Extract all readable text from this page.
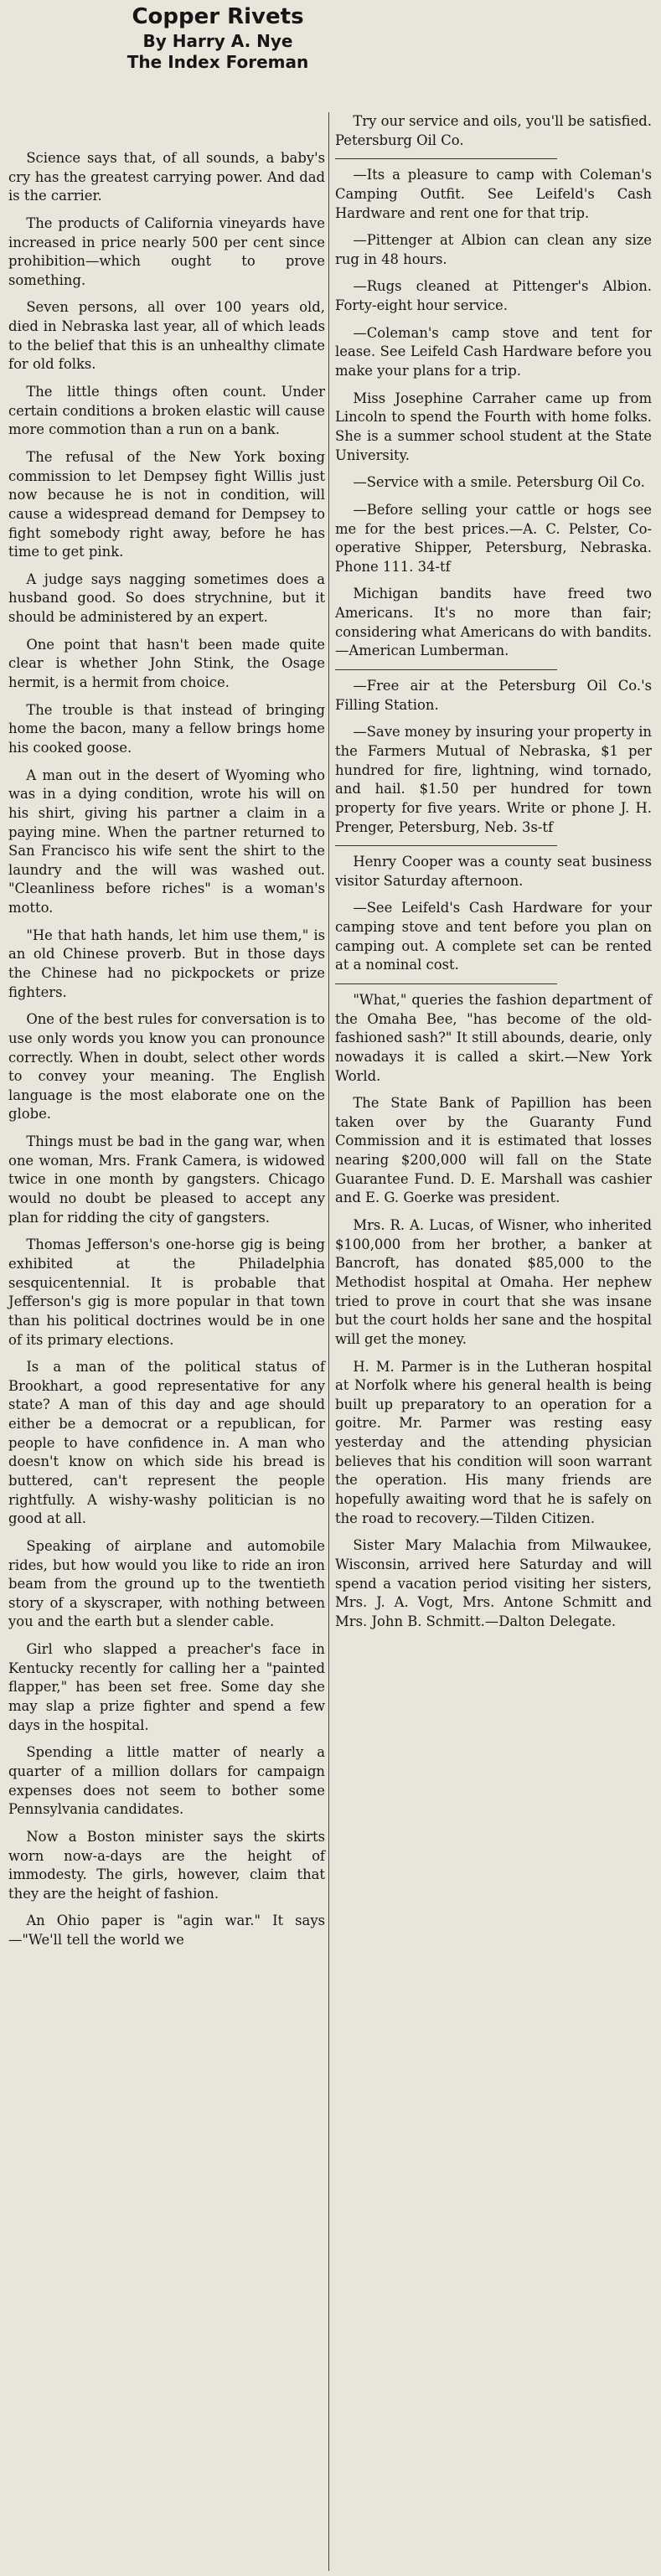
Copper Rivets
By Harry A. Nye
The Index Foreman

Science says that, of all sounds, a baby's cry has the greatest carrying power. And dad is the carrier.

The products of California vineyards have increased in price nearly 500 per cent since prohibition—which ought to prove something.

Seven persons, all over 100 years old, died in Nebraska last year, all of which leads to the belief that this is an unhealthy climate for old folks.

The little things often count. Under certain conditions a broken elastic will cause more commotion than a run on a bank.

The refusal of the New York boxing commission to let Dempsey fight Willis just now because he is not in condition, will cause a widespread demand for Dempsey to fight somebody right away, before he has time to get pink.

A judge says nagging sometimes does a husband good. So does strychnine, but it should be administered by an expert.

One point that hasn't been made quite clear is whether John Stink, the Osage hermit, is a hermit from choice.

The trouble is that instead of bringing home the bacon, many a fellow brings home his cooked goose.

A man out in the desert of Wyoming who was in a dying condition, wrote his will on his shirt, giving his partner a claim in a paying mine. When the partner returned to San Francisco his wife sent the shirt to the laundry and the will was washed out. "Cleanliness before riches" is a woman's motto.

"He that hath hands, let him use them," is an old Chinese proverb. But in those days the Chinese had no pickpockets or prize fighters.

One of the best rules for conversation is to use only words you know you can pronounce correctly. When in doubt, select other words to convey your meaning. The English language is the most elaborate one on the globe.

Things must be bad in the gang war, when one woman, Mrs. Frank Camera, is widowed twice in one month by gangsters. Chicago would no doubt be pleased to accept any plan for ridding the city of gangsters.

Thomas Jefferson's one-horse gig is being exhibited at the Philadelphia sesquicentennial. It is probable that Jefferson's gig is more popular in that town than his political doctrines would be in one of its primary elections.

Is a man of the political status of Brookhart, a good representative for any state? A man of this day and age should either be a democrat or a republican, for people to have confidence in. A man who doesn't know on which side his bread is buttered, can't represent the people rightfully. A wishy-washy politician is no good at all.

Speaking of airplane and automobile rides, but how would you like to ride an iron beam from the ground up to the twentieth story of a skyscraper, with nothing between you and the earth but a slender cable.

Girl who slapped a preacher's face in Kentucky recently for calling her a "painted flapper," has been set free. Some day she may slap a prize fighter and spend a few days in the hospital.

Spending a little matter of nearly a quarter of a million dollars for campaign expenses does not seem to bother some Pennsylvania candidates.

Now a Boston minister says the skirts worn now-a-days are the height of immodesty. The girls, however, claim that they are the height of fashion.

An Ohio paper is "agin war." It says—"We'll tell the world we

Try our service and oils, you'll be satisfied. Petersburg Oil Co.

—Its a pleasure to camp with Coleman's Camping Outfit. See Leifeld's Cash Hardware and rent one for that trip.

—Pittenger at Albion can clean any size rug in 48 hours.

—Rugs cleaned at Pittenger's Albion. Forty-eight hour service.

—Coleman's camp stove and tent for lease. See Leifeld Cash Hardware before you make your plans for a trip.

Miss Josephine Carraher came up from Lincoln to spend the Fourth with home folks. She is a summer school student at the State University.

—Service with a smile. Petersburg Oil Co.

—Before selling your cattle or hogs see me for the best prices.—A. C. Pelster, Co-operative Shipper, Petersburg, Nebraska. Phone 111. 34-tf

Michigan bandits have freed two Americans. It's no more than fair; considering what Americans do with bandits.—American Lumberman.

—Free air at the Petersburg Oil Co.'s Filling Station.

—Save money by insuring your property in the Farmers Mutual of Nebraska, $1 per hundred for fire, lightning, wind tornado, and hail. $1.50 per hundred for town property for five years. Write or phone J. H. Prenger, Petersburg, Neb. 3s-tf

Henry Cooper was a county seat business visitor Saturday afternoon.

—See Leifeld's Cash Hardware for your camping stove and tent before you plan on camping out. A complete set can be rented at a nominal cost.

"What," queries the fashion department of the Omaha Bee, "has become of the old-fashioned sash?" It still abounds, dearie, only nowadays it is called a skirt.—New York World.

The State Bank of Papillion has been taken over by the Guaranty Fund Commission and it is estimated that losses nearing $200,000 will fall on the State Guarantee Fund. D. E. Marshall was cashier and E. G. Goerke was president.

Mrs. R. A. Lucas, of Wisner, who inherited $100,000 from her brother, a banker at Bancroft, has donated $85,000 to the Methodist hospital at Omaha. Her nephew tried to prove in court that she was insane but the court holds her sane and the hospital will get the money.

H. M. Parmer is in the Lutheran hospital at Norfolk where his general health is being built up preparatory to an operation for a goitre. Mr. Parmer was resting easy yesterday and the attending physician believes that his condition will soon warrant the operation. His many friends are hopefully awaiting word that he is safely on the road to recovery.—Tilden Citizen.

Sister Mary Malachia from Milwaukee, Wisconsin, arrived here Saturday and will spend a vacation period visiting her sisters, Mrs. J. A. Vogt, Mrs. Antone Schmitt and Mrs. John B. Schmitt.—Dalton Delegate.
